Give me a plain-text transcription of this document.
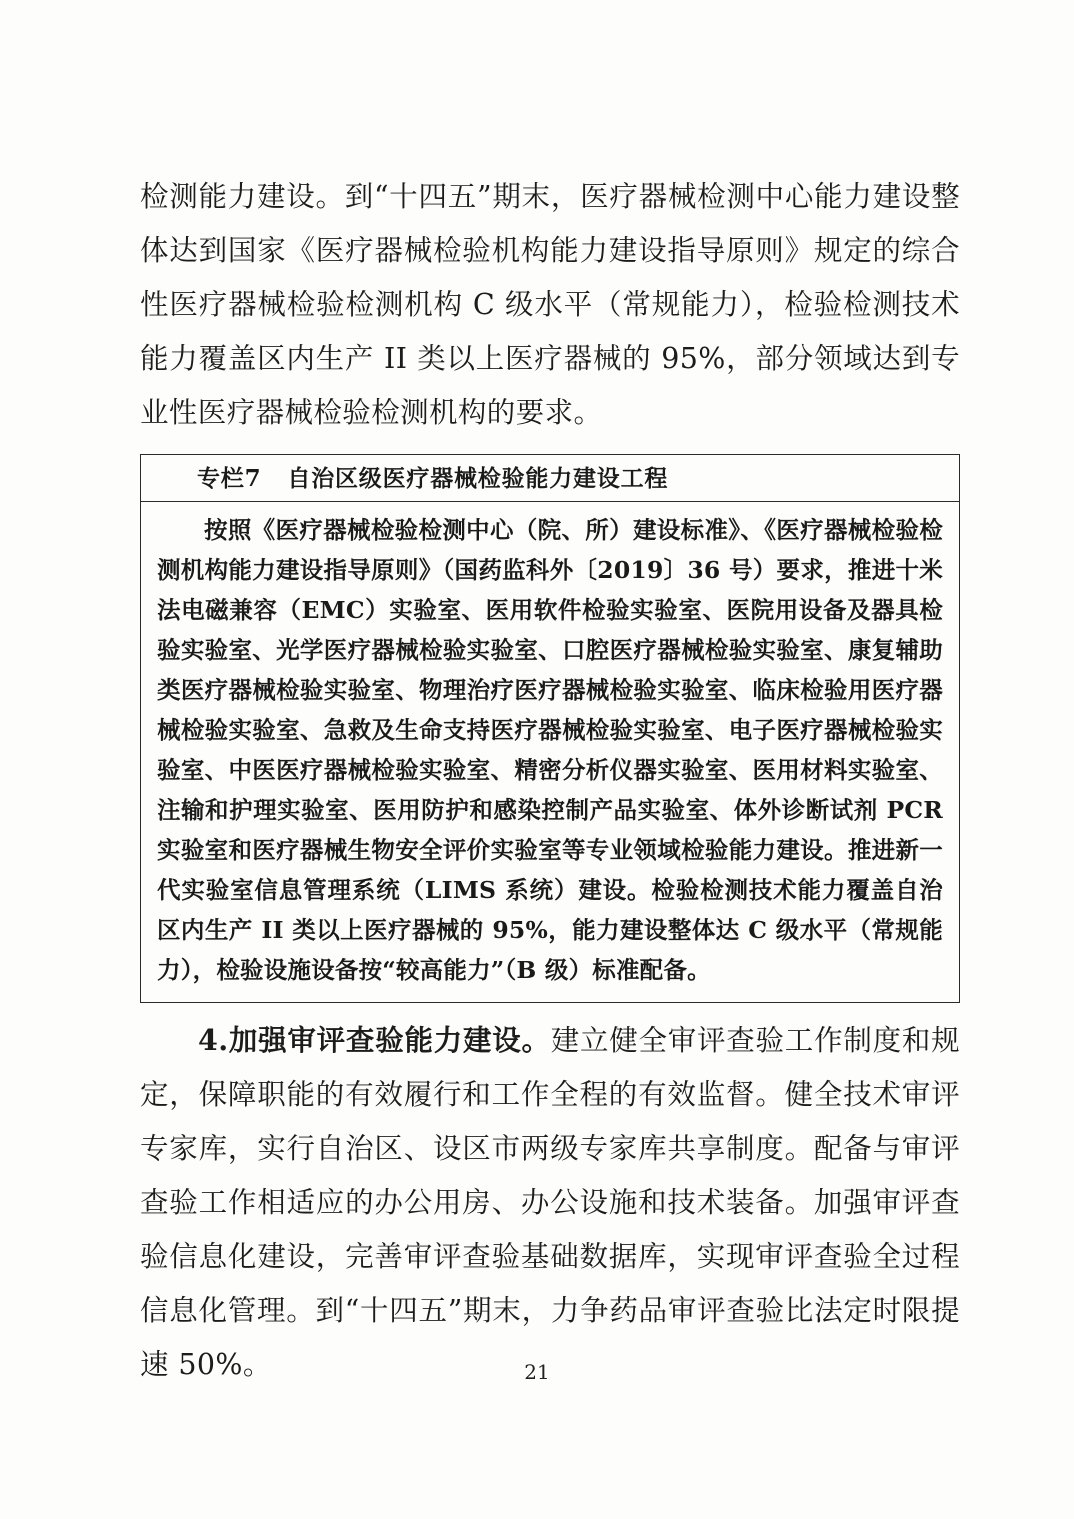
检测能力建设。到“十四五”期末，医疗器械检测中心能力建设整体达到国家《医疗器械检验机构能力建设指导原则》规定的综合性医疗器械检验检测机构 C 级水平（常规能力），检验检测技术能力覆盖区内生产 II 类以上医疗器械的 95%，部分领域达到专业性医疗器械检验检测机构的要求。

专栏7 自治区级医疗器械检验能力建设工程
按照《医疗器械检验检测中心（院、所）建设标准》、《医疗器械检验检测机构能力建设指导原则》（国药监科外〔2019〕36 号）要求，推进十米法电磁兼容（EMC）实验室、医用软件检验实验室、医院用设备及器具检验实验室、光学医疗器械检验实验室、口腔医疗器械检验实验室、康复辅助类医疗器械检验实验室、物理治疗医疗器械检验实验室、临床检验用医疗器械检验实验室、急救及生命支持医疗器械检验实验室、电子医疗器械检验实验室、中医医疗器械检验实验室、精密分析仪器实验室、医用材料实验室、注输和护理实验室、医用防护和感染控制产品实验室、体外诊断试剂 PCR 实验室和医疗器械生物安全评价实验室等专业领域检验能力建设。推进新一代实验室信息管理系统（LIMS 系统）建设。检验检测技术能力覆盖自治区内生产 II 类以上医疗器械的 95%，能力建设整体达 C 级水平（常规能力），检验设施设备按“较高能力”（B 级）标准配备。

4.加强审评查验能力建设。建立健全审评查验工作制度和规定，保障职能的有效履行和工作全程的有效监督。健全技术审评专家库，实行自治区、设区市两级专家库共享制度。配备与审评查验工作相适应的办公用房、办公设施和技术装备。加强审评查验信息化建设，完善审评查验基础数据库，实现审评查验全过程信息化管理。到“十四五”期末，力争药品审评查验比法定时限提速 50%。	21
